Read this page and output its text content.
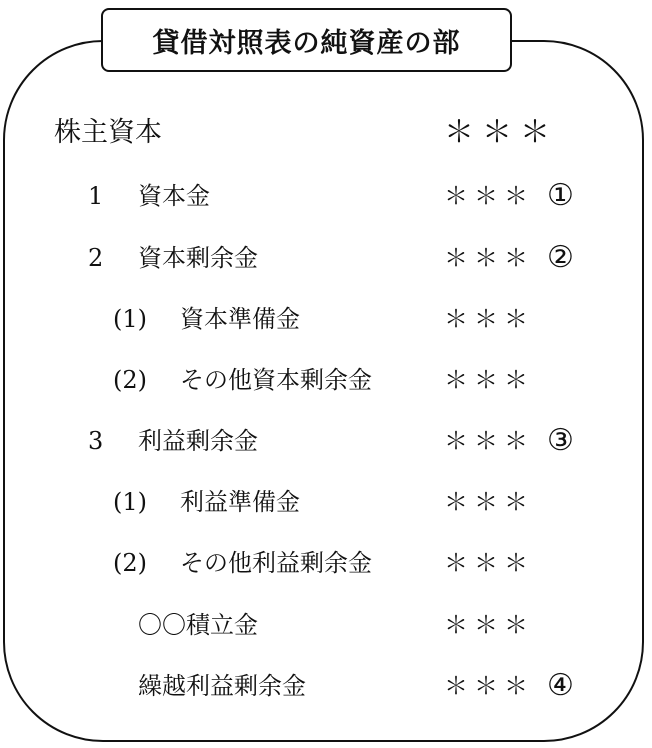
貸借対照表の純資産の部
株主資本	＊＊＊
1 資本金	＊＊＊ ①
2 資本剰余金	＊＊＊ ②
(1) 資本準備金	＊＊＊
(2) その他資本剰余金	＊＊＊
3 利益剰余金	＊＊＊ ③
(1) 利益準備金	＊＊＊
(2) その他利益剰余金	＊＊＊
〇〇積立金	＊＊＊
繰越利益剰余金	＊＊＊ ④
